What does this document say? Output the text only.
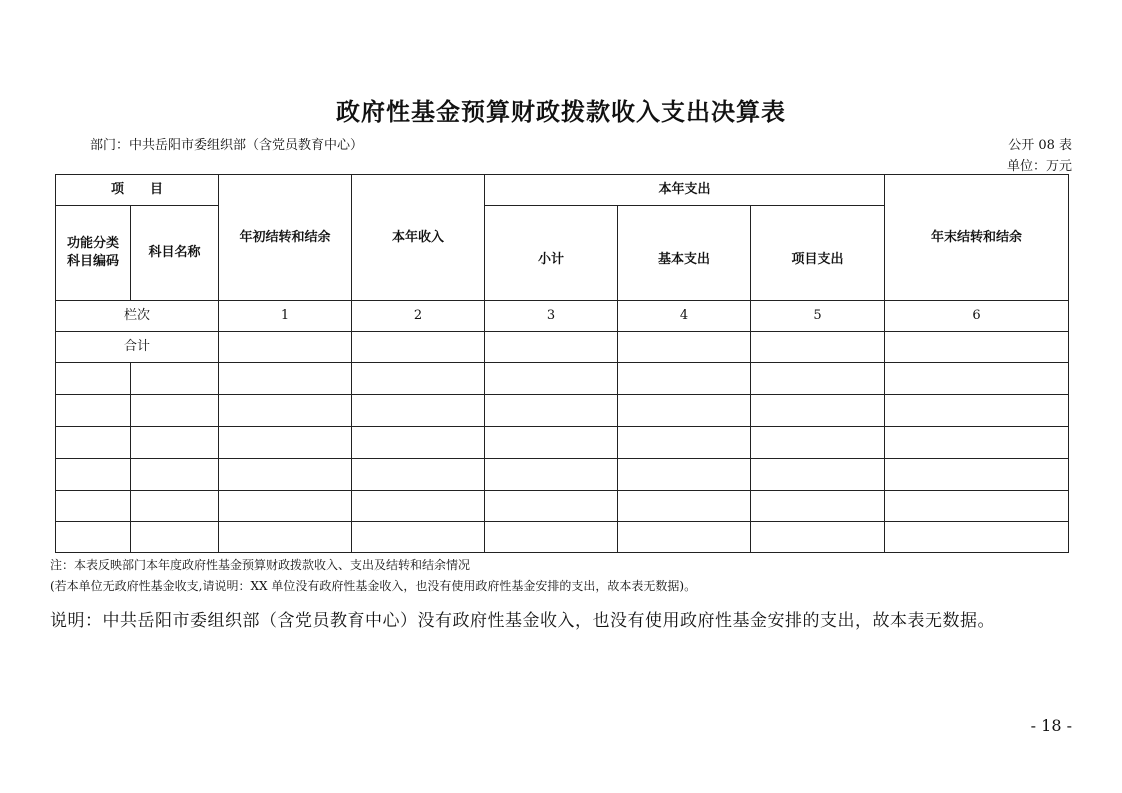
政府性基金预算财政拨款收入支出决算表
部门：中共岳阳市委组织部（含党员教育中心）	公开 08 表
单位：万元
项　　目		年初结转和结余	本年收入	本年支出			年末结转和结余
功能分类
科目编码	科目名称			小计	基本支出	项目支出	
栏次		1	2	3	4	5	6
合计							

注：本表反映部门本年度政府性基金预算财政拨款收入、支出及结转和结余情况
(若本单位无政府性基金收支,请说明：XX 单位没有政府性基金收入，也没有使用政府性基金安排的支出，故本表无数据)。
说明：中共岳阳市委组织部（含党员教育中心）没有政府性基金收入，也没有使用政府性基金安排的支出，故本表无数据。
- 18 -
